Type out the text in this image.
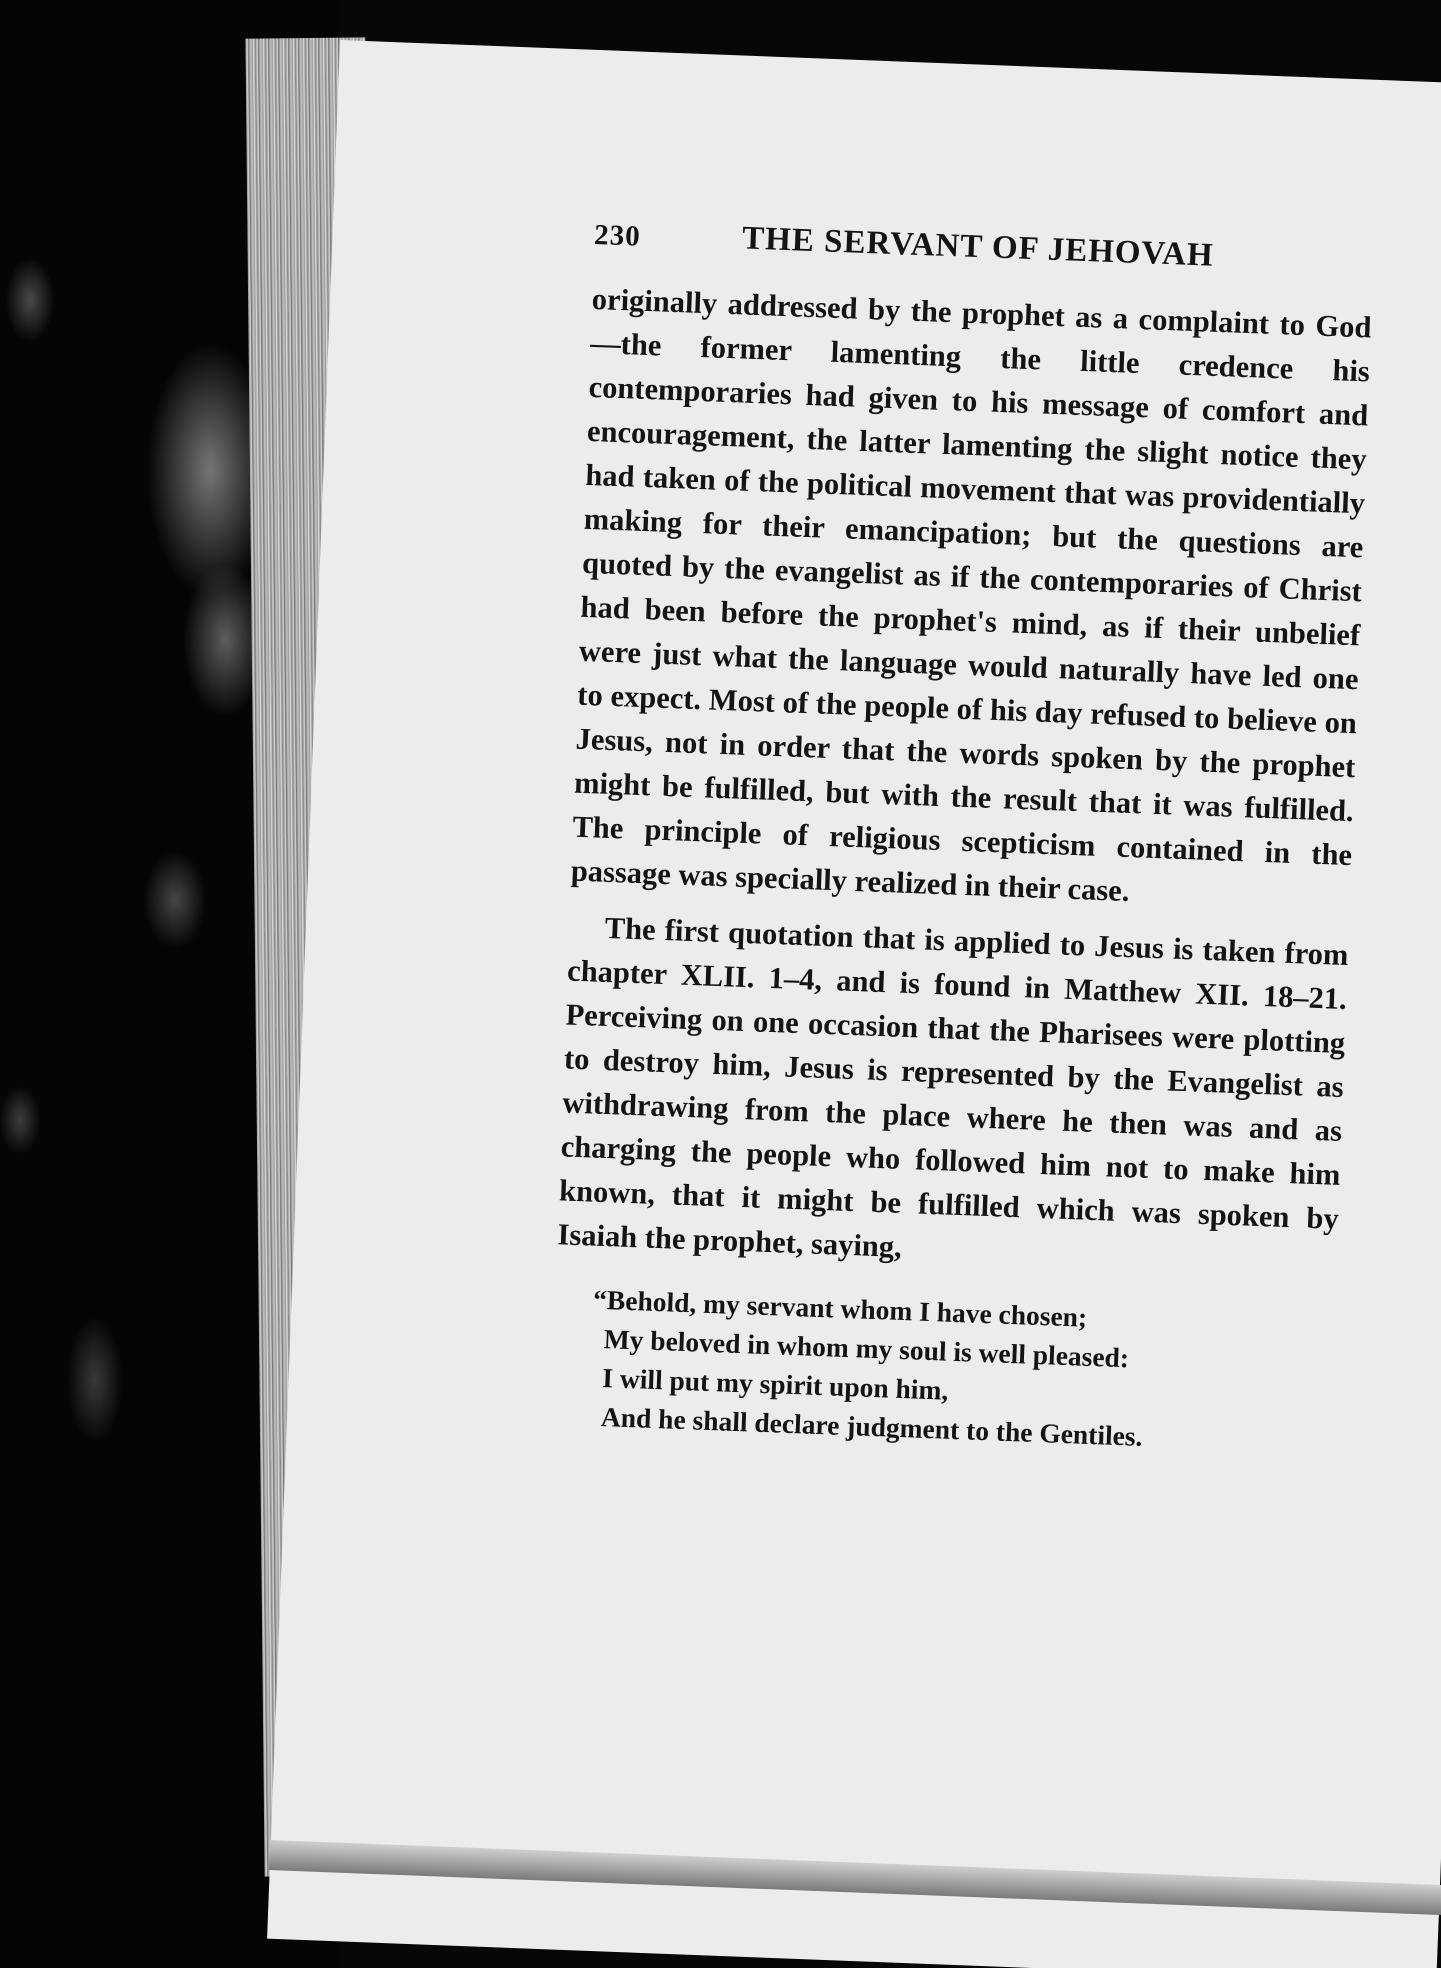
230	THE SERVANT OF JEHOVAH

originally addressed by the prophet as a complaint to God—the former lamenting the little credence his contemporaries had given to his message of comfort and encouragement, the latter lamenting the slight notice they had taken of the political movement that was providentially making for their emancipation; but the questions are quoted by the evangelist as if the contemporaries of Christ had been before the prophet's mind, as if their unbelief were just what the language would naturally have led one to expect. Most of the people of his day refused to believe on Jesus, not in order that the words spoken by the prophet might be fulfilled, but with the result that it was fulfilled. The principle of religious scepticism contained in the passage was specially realized in their case.

The first quotation that is applied to Jesus is taken from chapter XLII. 1–4, and is found in Matthew XII. 18–21. Perceiving on one occasion that the Pharisees were plotting to destroy him, Jesus is represented by the Evangelist as withdrawing from the place where he then was and as charging the people who followed him not to make him known, that it might be fulfilled which was spoken by Isaiah the prophet, saying,

“Behold, my servant whom I have chosen;
My beloved in whom my soul is well pleased:
I will put my spirit upon him,
And he shall declare judgment to the Gentiles.
